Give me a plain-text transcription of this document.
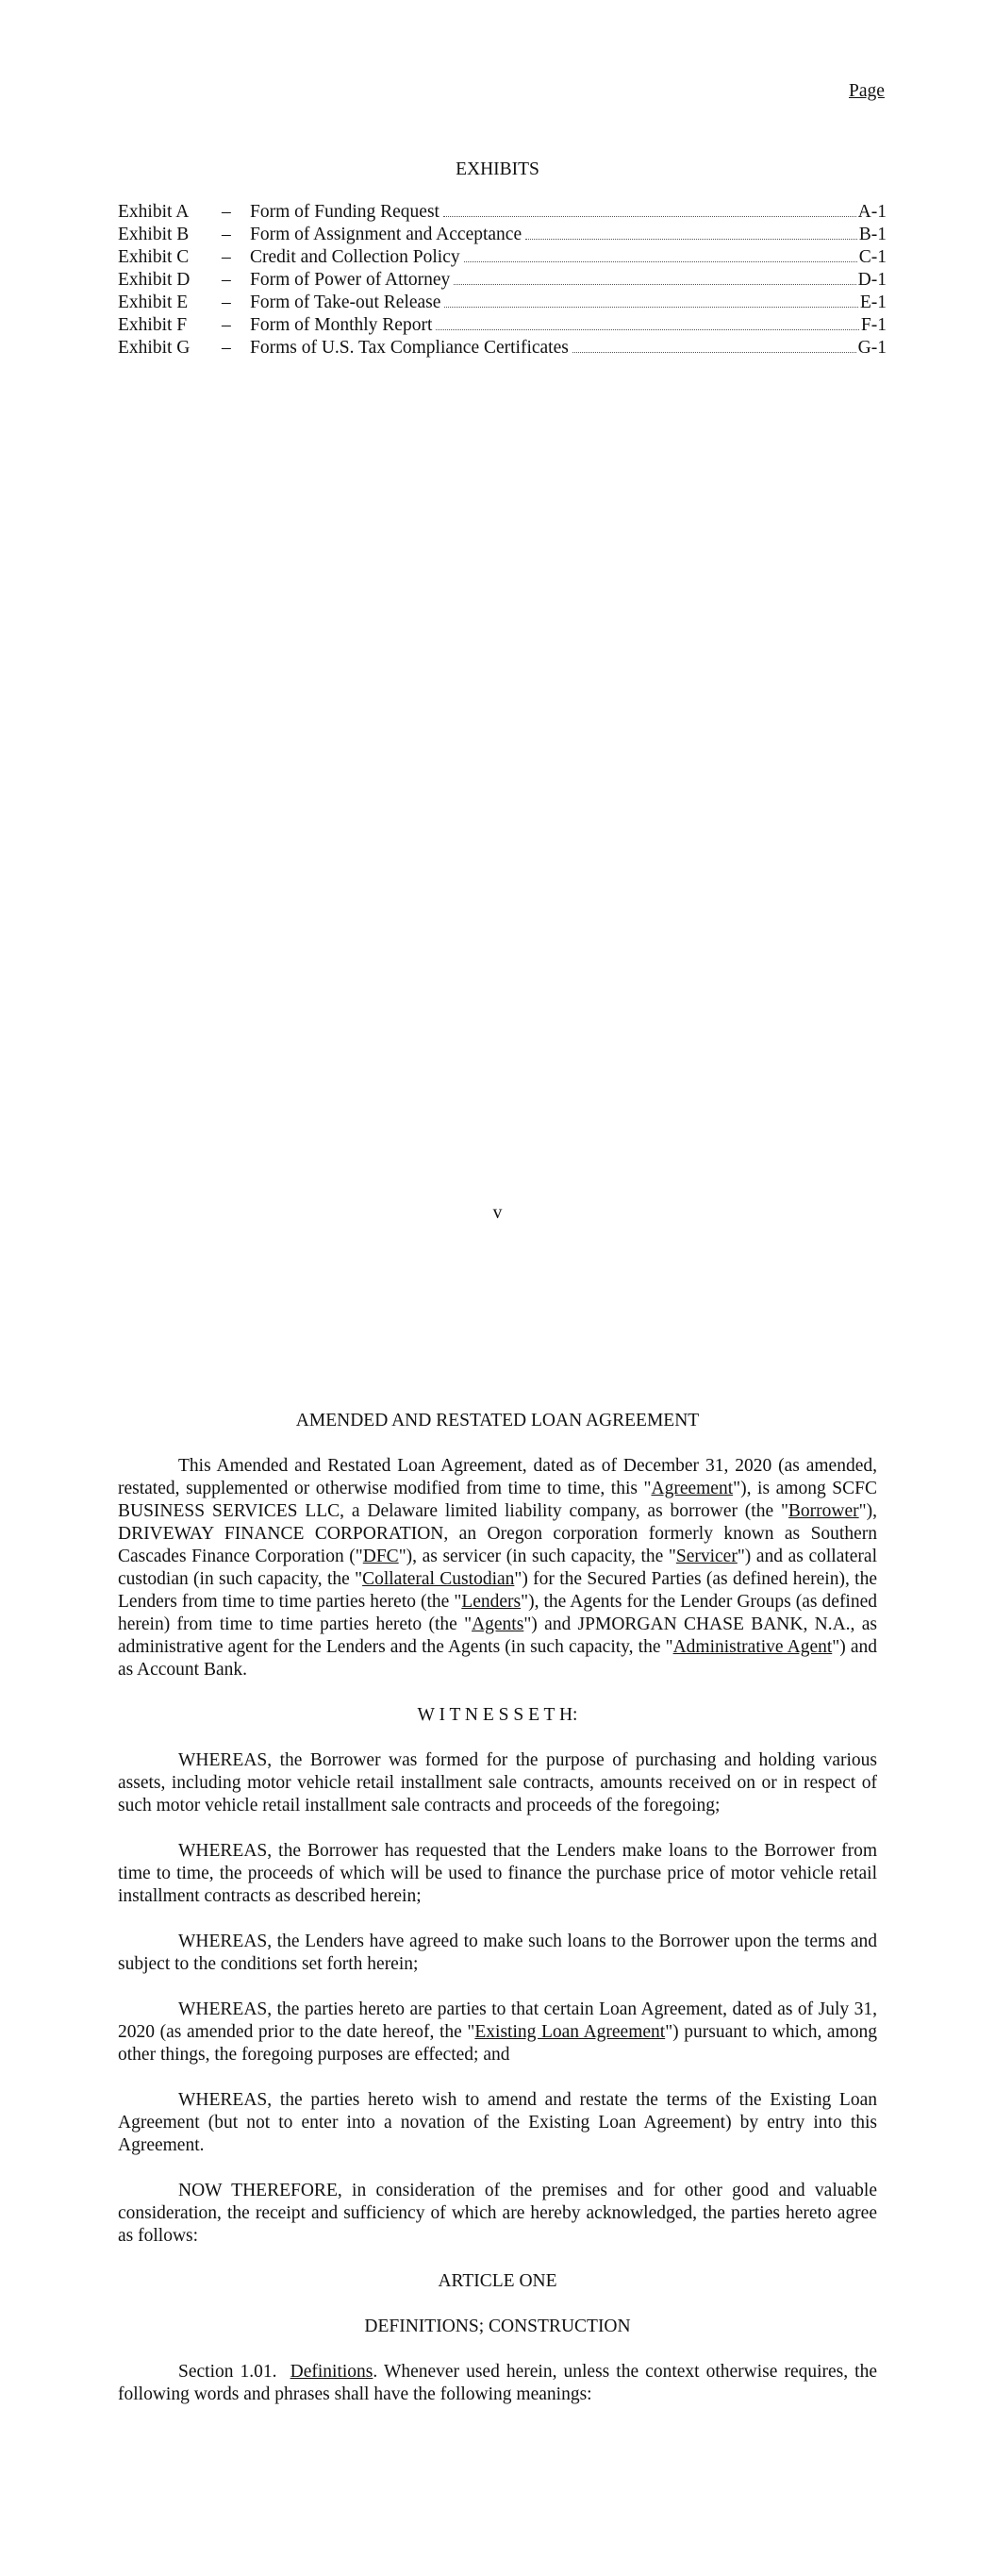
Page
EXHIBITS
Exhibit A	–	Form of Funding Request	A-1
Exhibit B	–	Form of Assignment and Acceptance	B-1
Exhibit C	–	Credit and Collection Policy	C-1
Exhibit D	–	Form of Power of Attorney	D-1
Exhibit E	–	Form of Take-out Release	E-1
Exhibit F	–	Form of Monthly Report	F-1
Exhibit G	–	Forms of U.S. Tax Compliance Certificates	G-1
v
AMENDED AND RESTATED LOAN AGREEMENT

This Amended and Restated Loan Agreement, dated as of December 31, 2020 (as amended, restated, supplemented or otherwise modified from time to time, this "Agreement"), is among SCFC BUSINESS SERVICES LLC, a Delaware limited liability company, as borrower (the "Borrower"), DRIVEWAY FINANCE CORPORATION, an Oregon corporation formerly known as Southern Cascades Finance Corporation ("DFC"), as servicer (in such capacity, the "Servicer") and as collateral custodian (in such capacity, the "Collateral Custodian") for the Secured Parties (as defined herein), the Lenders from time to time parties hereto (the "Lenders"), the Agents for the Lender Groups (as defined herein) from time to time parties hereto (the "Agents") and JPMORGAN CHASE BANK, N.A., as administrative agent for the Lenders and the Agents (in such capacity, the "Administrative Agent") and as Account Bank.

W I T N E S S E T H:

WHEREAS, the Borrower was formed for the purpose of purchasing and holding various assets, including motor vehicle retail installment sale contracts, amounts received on or in respect of such motor vehicle retail installment sale contracts and proceeds of the foregoing;

WHEREAS, the Borrower has requested that the Lenders make loans to the Borrower from time to time, the proceeds of which will be used to finance the purchase price of motor vehicle retail installment contracts as described herein;

WHEREAS, the Lenders have agreed to make such loans to the Borrower upon the terms and subject to the conditions set forth herein;

WHEREAS, the parties hereto are parties to that certain Loan Agreement, dated as of July 31, 2020 (as amended prior to the date hereof, the "Existing Loan Agreement") pursuant to which, among other things, the foregoing purposes are effected; and

WHEREAS, the parties hereto wish to amend and restate the terms of the Existing Loan Agreement (but not to enter into a novation of the Existing Loan Agreement) by entry into this Agreement.

NOW THEREFORE, in consideration of the premises and for other good and valuable consideration, the receipt and sufficiency of which are hereby acknowledged, the parties hereto agree as follows:

ARTICLE ONE
DEFINITIONS; CONSTRUCTION

Section 1.01. Definitions. Whenever used herein, unless the context otherwise requires, the following words and phrases shall have the following meanings:
